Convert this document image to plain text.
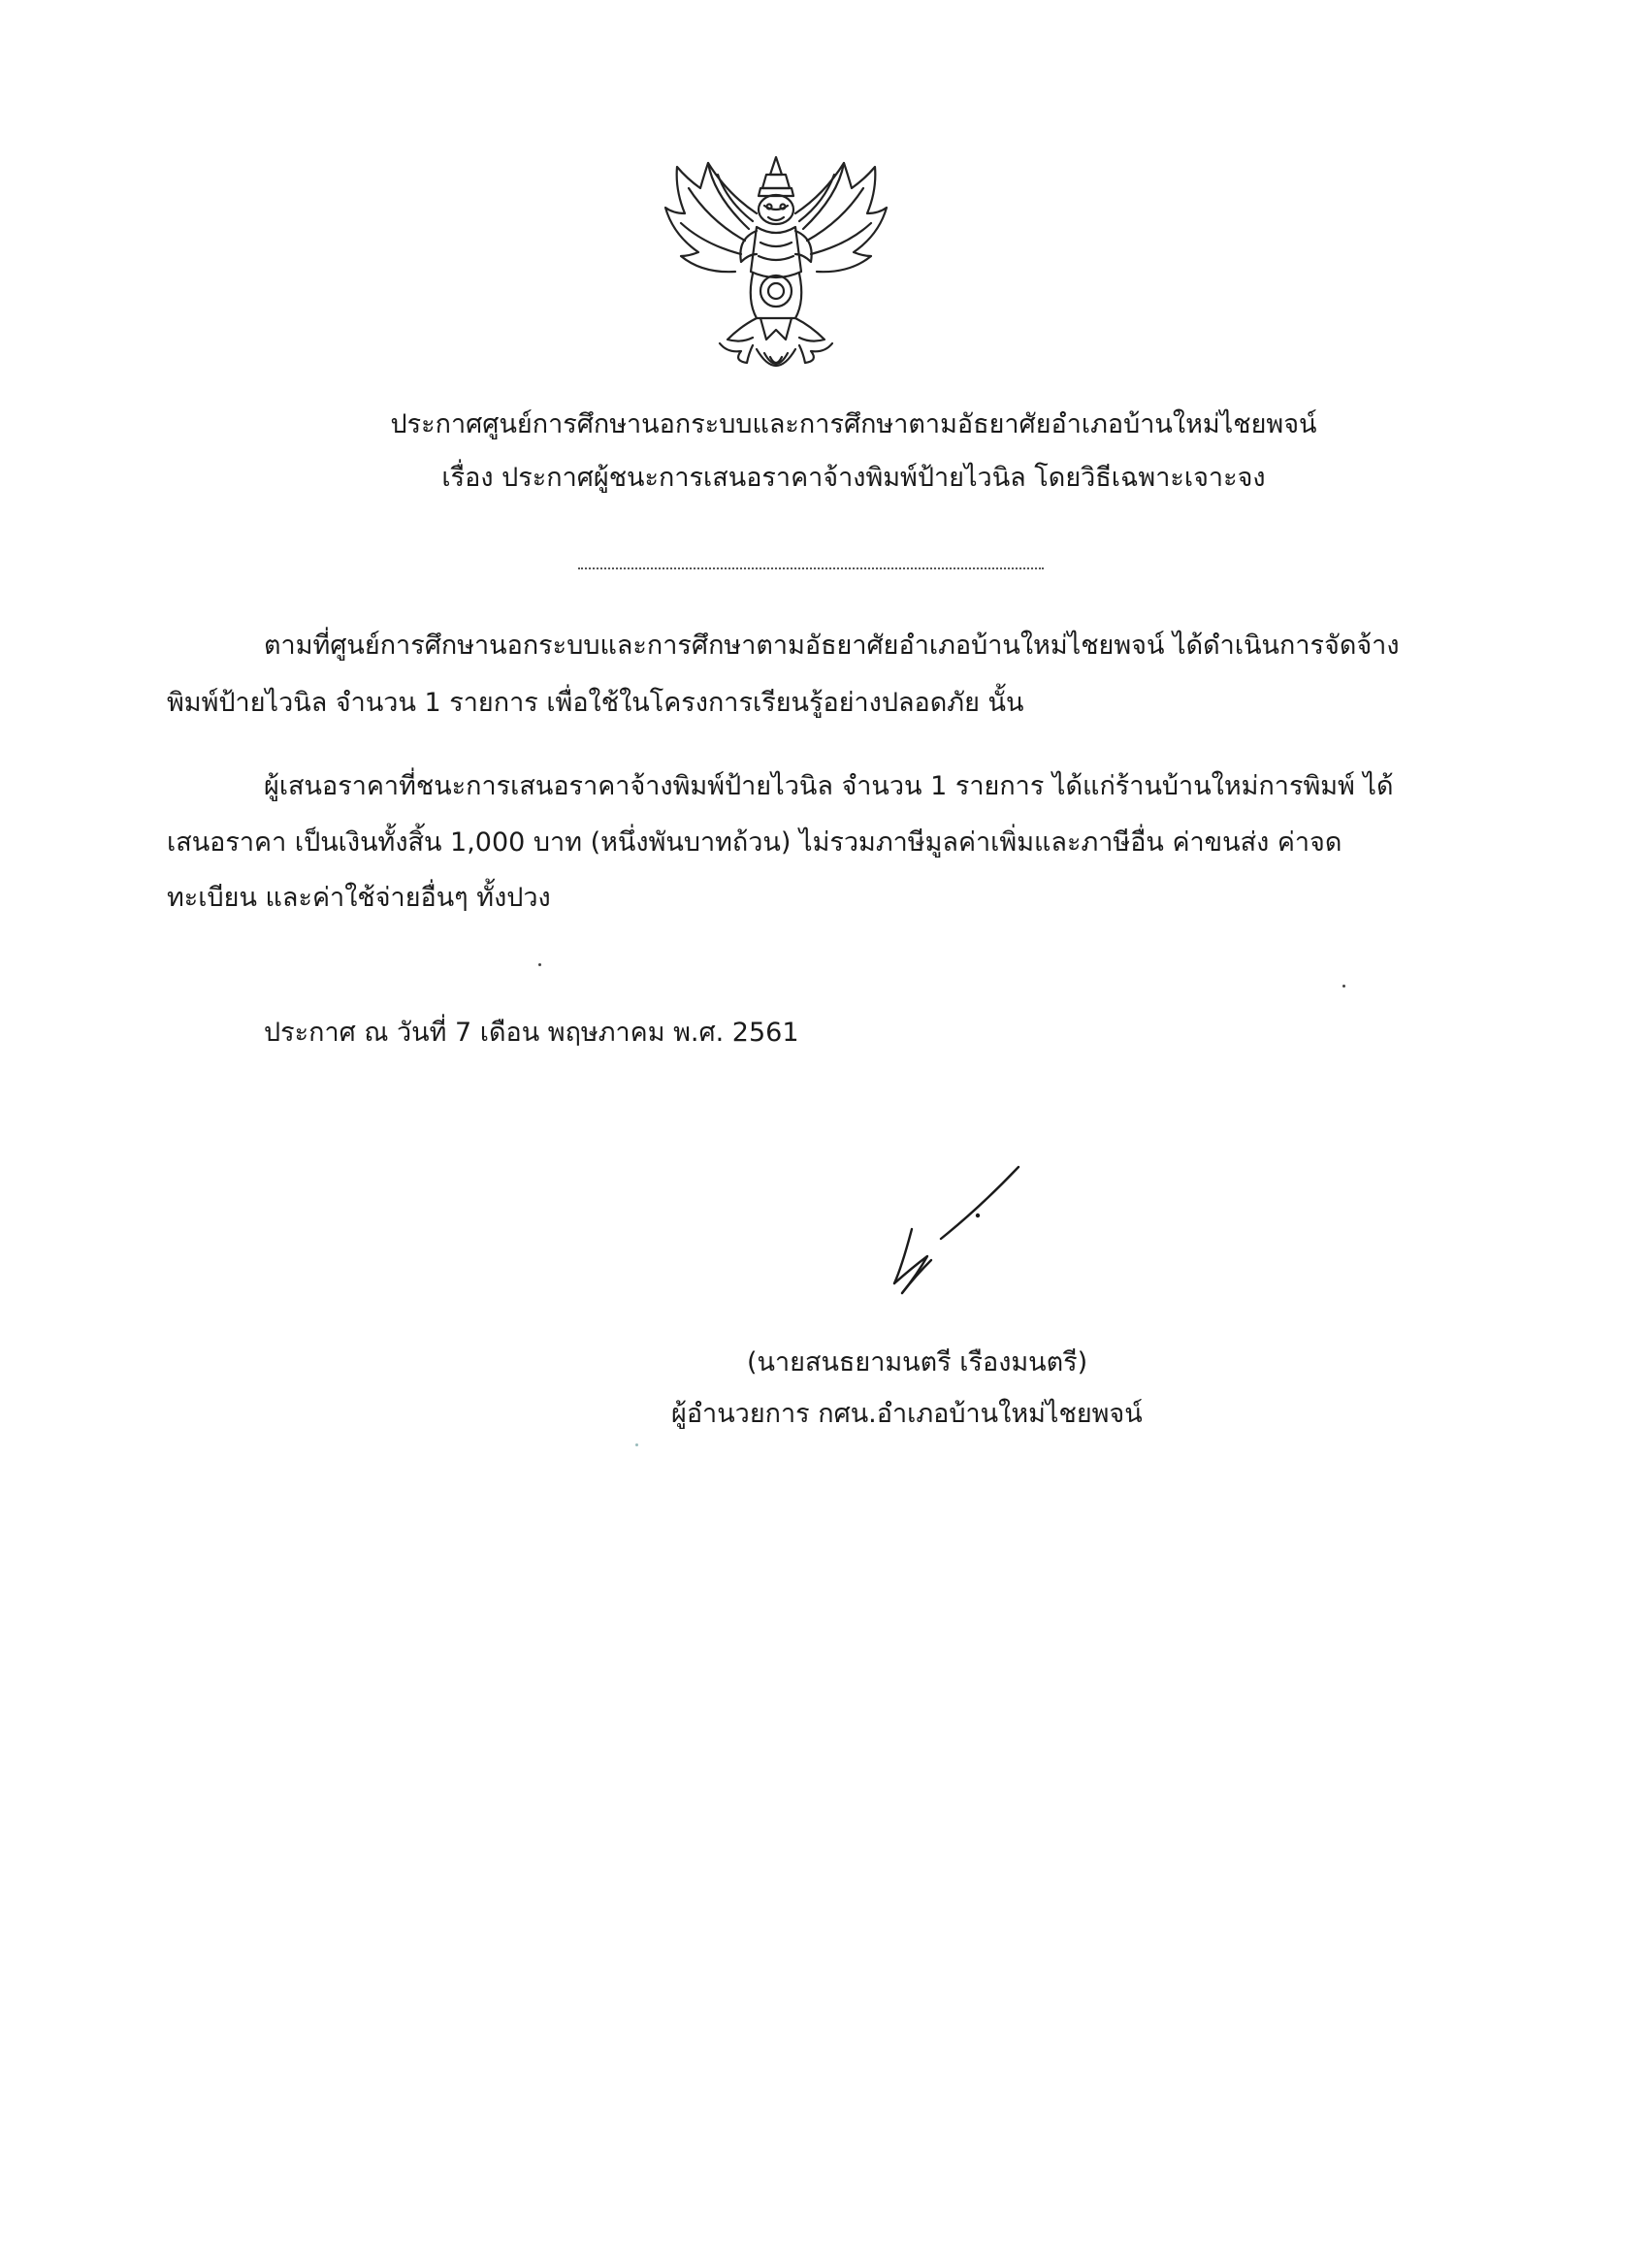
ประกาศศูนย์การศึกษานอกระบบและการศึกษาตามอัธยาศัยอำเภอบ้านใหม่ไชยพจน์
เรื่อง ประกาศผู้ชนะการเสนอราคาจ้างพิมพ์ป้ายไวนิล โดยวิธีเฉพาะเจาะจง
ตามที่ศูนย์การศึกษานอกระบบและการศึกษาตามอัธยาศัยอำเภอบ้านใหม่ไชยพจน์ ได้ดำเนินการจัดจ้าง
พิมพ์ป้ายไวนิล จำนวน 1 รายการ เพื่อใช้ในโครงการเรียนรู้อย่างปลอดภัย นั้น
ผู้เสนอราคาที่ชนะการเสนอราคาจ้างพิมพ์ป้ายไวนิล จำนวน 1 รายการ ได้แก่ร้านบ้านใหม่การพิมพ์ ได้
เสนอราคา เป็นเงินทั้งสิ้น 1,000 บาท (หนึ่งพันบาทถ้วน) ไม่รวมภาษีมูลค่าเพิ่มและภาษีอื่น ค่าขนส่ง ค่าจด
ทะเบียน และค่าใช้จ่ายอื่นๆ ทั้งปวง
ประกาศ ณ วันที่ 7 เดือน พฤษภาคม พ.ศ. 2561
(นายสนธยามนตรี เรืองมนตรี)
ผู้อำนวยการ กศน.อำเภอบ้านใหม่ไชยพจน์
